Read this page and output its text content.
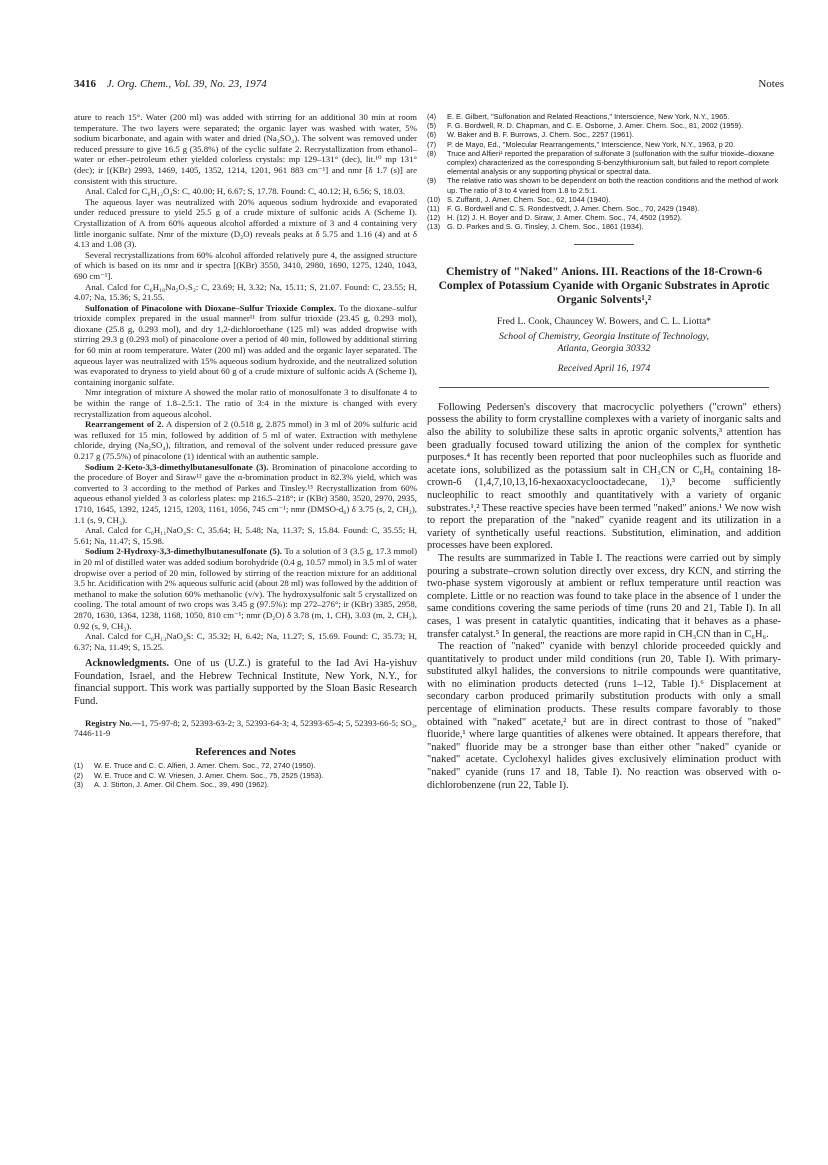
3416 J. Org. Chem., Vol. 39, No. 23, 1974	Notes

ature to reach 15°. Water (200 ml) was added with stirring for an additional 30 min at room temperature. The two layers were separated; the organic layer was washed with water, 5% sodium bicarbonate, and again with water and dried (Na₂SO₄). The solvent was removed under reduced pressure to give 16.5 g (35.8%) of the cyclic sulfate 2. Recrystallization from ethanol–water or ether–petroleum ether yielded colorless crystals: mp 129–131° (dec), lit.¹⁰ mp 131° (dec); ir [(KBr) 2993, 1469, 1405, 1352, 1214, 1201, 961 883 cm⁻¹] and nmr [δ 1.7 (s)] are consistent with this structure.

Anal. Calcd for C₆H₁₂O₄S: C, 40.00; H, 6.67; S, 17.78. Found: C, 40.12; H, 6.56; S, 18.03.

The aqueous layer was neutralized with 20% aqueous sodium hydroxide and evaporated under reduced pressure to yield 25.5 g of a crude mixture of sulfonic acids A (Scheme I). Crystallization of A from 60% aqueous alcohol afforded a mixture of 3 and 4 containing very little inorganic sulfate. Nmr of the mixture (D₂O) reveals peaks at δ 5.75 and 1.16 (4) and at δ 4.13 and 1.08 (3).

Several recrystallizations from 60% alcohol afforded relatively pure 4, the assigned structure of which is based on its nmr and ir spectra [(KBr) 3550, 3410, 2980, 1690, 1275, 1240, 1043, 690 cm⁻¹].

Anal. Calcd for C₆H₁₀Na₂O₇S₂: C, 23.69; H, 3.32; Na, 15.11; S, 21.07. Found: C, 23.55; H, 4.07; Na, 15.36; S, 21.55.

Sulfonation of Pinacolone with Dioxane–Sulfur Trioxide Complex. To the dioxane–sulfur trioxide complex prepared in the usual manner¹¹ from sulfur trioxide (23.45 g, 0.293 mol), dioxane (25.8 g, 0.293 mol), and dry 1,2-dichloroethane (125 ml) was added dropwise with stirring 29.3 g (0.293 mol) of pinacolone over a period of 40 min, followed by additional stirring for 60 min at room temperature. Water (200 ml) was added and the organic layer separated. The aqueous layer was neutralized with 15% aqueous sodium hydroxide, and the neutralized solution was evaporated to dryness to yield about 60 g of a crude mixture of sulfonic acids A (Scheme I), containing inorganic sulfate.

Nmr integration of mixture A showed the molar ratio of monosulfonate 3 to disulfonate 4 to be within the range of 1.8–2.5:1. The ratio of 3:4 in the mixture is changed with every recrystallization from aqueous alcohol.

Rearrangement of 2. A dispersion of 2 (0.518 g, 2.875 mmol) in 3 ml of 20% sulfuric acid was refluxed for 15 min, followed by addition of 5 ml of water. Extraction with methylene chloride, drying (Na₂SO₄), filtration, and removal of the solvent under reduced pressure gave 0.217 g (75.5%) of pinacolone (1) identical with an authentic sample.

Sodium 2-Keto-3,3-dimethylbutanesulfonate (3). Bromination of pinacolone according to the procedure of Boyer and Siraw¹² gave the α-bromination product in 82.3% yield, which was converted to 3 according to the method of Parkes and Tinsley.¹³ Recrystallization from 60% aqueous ethanol yielded 3 as colorless plates: mp 216.5–218°; ir (KBr) 3580, 3520, 2970, 2935, 1710, 1645, 1392, 1245, 1215, 1203, 1161, 1056, 745 cm⁻¹; nmr (DMSO-d₆) δ 3.75 (s, 2, CH₂), 1.1 (s, 9, CH₃).

Anal. Calcd for C₆H₁₁NaO₄S: C, 35.64; H, 5.48; Na, 11.37; S, 15.84. Found: C, 35.55; H, 5.61; Na, 11.47; S, 15.98.

Sodium 2-Hydroxy-3,3-dimethylbutanesulfonate (5). To a solution of 3 (3.5 g, 17.3 mmol) in 20 ml of distilled water was added sodium borohydride (0.4 g, 10.57 mmol) in 3.5 ml of water dropwise over a period of 20 min, followed by stirring of the reaction mixture for an additional 3.5 hr. Acidification with 2% aqueous sulfuric acid (about 28 ml) was followed by the addition of methanol to make the solution 60% methanolic (v/v). The hydroxysulfonic salt 5 crystallized on cooling. The total amount of two crops was 3.45 g (97.5%): mp 272–276°; ir (KBr) 3385, 2958, 2870, 1630, 1364, 1238, 1168, 1050, 810 cm⁻¹; nmr (D₂O) δ 3.78 (m, 1, CH), 3.03 (m, 2, CH₂), 0.92 (s, 9, CH₃).

Anal. Calcd for C₆H₁₃NaO₄S: C, 35.32; H, 6.42; Na, 11.27; S, 15.69. Found: C, 35.73; H, 6.37; Na, 11.49; S, 15.25.

Acknowledgments. One of us (U.Z.) is grateful to the Iad Avi Ha-yishuv Foundation, Israel, and the Hebrew Technical Institute, New York, N.Y., for financial support. This work was partially supported by the Sloan Basic Research Fund.

Registry No.—1, 75-97-8; 2, 52393-63-2; 3, 52393-64-3; 4, 52393-65-4; 5, 52393-66-5; SO₃, 7446-11-9

References and Notes
(1)	W. E. Truce and C. C. Alfieri, J. Amer. Chem. Soc., 72, 2740 (1950).
(2)	W. E. Truce and C. W. Vriesen, J. Amer. Chem. Soc., 75, 2525 (1953).
(3)	A. J. Stirton, J. Amer. Oil Chem. Soc., 39, 490 (1962).
(4)	E. E. Gilbert, "Sulfonation and Related Reactions," Interscience, New York, N.Y., 1965.
(5)	F. G. Bordwell, R. D. Chapman, and C. E. Osborne, J. Amer. Chem. Soc., 81, 2002 (1959).
(6)	W. Baker and B. F. Burrows, J. Chem. Soc., 2257 (1961).
(7)	P. de Mayo, Ed., "Molecular Rearrangements," Interscience, New York, N.Y., 1963, p 20.
(8)	Truce and Alfieri¹ reported the preparation of sulfonate 3 (sulfonation with the sulfur trioxide–dioxane complex) characterized as the corresponding S-benzylthiuronium salt, but failed to report complete elemental analysis or any supporting physical or spectral data.
(9)	The relative ratio was shown to be dependent on both the reaction conditions and the method of work up. The ratio of 3 to 4 varied from 1.8 to 2.5:1.
(10) S. Zuffanti, J. Amer. Chem. Soc., 62, 1044 (1940).
(11)	F. G. Bordwell and C. S. Rondestvedt, J. Amer. Chem. Soc., 70, 2429 (1948).
(12) H. (12) J. H. Boyer and D. Siraw, J. Amer. Chem. Soc., 74, 4502 (1952).
(13) G. D. Parkes and S. G. Tinsley, J. Chem. Soc., 1861 (1934).
Chemistry of "Naked" Anions. III. Reactions of the 18-Crown-6 Complex of Potassium Cyanide with Organic Substrates in Aprotic Organic Solvents¹,²
Fred L. Cook, Chauncey W. Bowers, and C. L. Liotta*
School of Chemistry, Georgia Institute of Technology,
Atlanta, Georgia 30332
Received April 16, 1974

Following Pedersen's discovery that macrocyclic polyethers ("crown" ethers) possess the ability to form crystalline complexes with a variety of inorganic salts and also the ability to solubilize these salts in aprotic organic solvents,³ attention has been gradually focused toward utilizing the anion of the complex for synthetic purposes.⁴ It has recently been reported that poor nucleophiles such as fluoride and acetate ions, solubilized as the potassium salt in CH₃CN or C₆H₆ containing 18-crown-6 (1,4,7,10,13,16-hexaoxacyclooctadecane, 1),³ become sufficiently nucleophilic to react smoothly and quantitatively with a variety of organic substrates.¹,² These reactive species have been termed "naked" anions.¹ We now wish to report the preparation of the "naked" cyanide reagent and its utilization in a variety of synthetically useful reactions. Substitution, elimination, and addition processes have been explored.

The results are summarized in Table I. The reactions were carried out by simply pouring a substrate–crown solution directly over excess, dry KCN, and stirring the two-phase system vigorously at ambient or reflux temperature until reaction was complete. Little or no reaction was found to take place in the absence of 1 under the same conditions covering the same periods of time (runs 20 and 21, Table I). In all cases, 1 was present in catalytic quantities, indicating that it behaves as a phase-transfer catalyst.⁵ In general, the reactions are more rapid in CH₃CN than in C₆H₆.

The reaction of "naked" cyanide with benzyl chloride proceeded quickly and quantitatively to product under mild conditions (run 20, Table I). With primary-substituted alkyl halides, the conversions to nitrile compounds were quantitative, with no elimination products detected (runs 1–12, Table I).⁶ Displacement at secondary carbon produced primarily substitution products with only a small percentage of elimination products. These results compare favorably to those obtained with "naked" acetate,² but are in direct contrast to those of "naked" fluoride,¹ where large quantities of alkenes were obtained. It appears therefore, that "naked" fluoride may be a stronger base than either other "naked" cyanide or "naked" acetate. Cyclohexyl halides gives exclusively elimination product with "naked" cyanide (runs 17 and 18, Table I). No reaction was observed with o-dichlorobenzene (run 22, Table I).
